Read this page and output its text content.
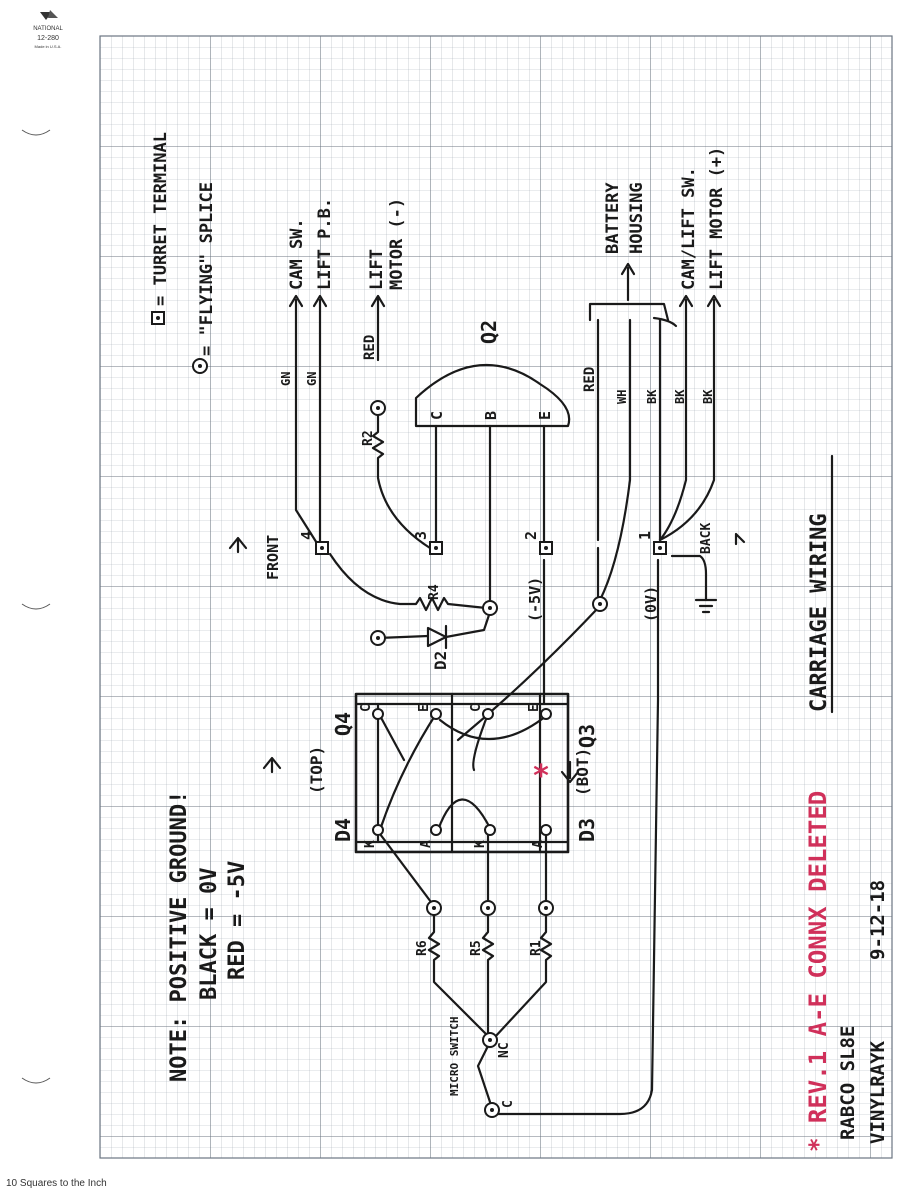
NATIONAL
12-280
Made in U.S.A.
10 Squares to the Inch
= TURRET TERMINAL = "FLYING" SPLICE
NOTE: POSITIVE GROUND! BLACK = 0V RED = -5V
CAM SW. LIFT P.B. LIFT MOTOR (-)	BATTERY HOUSING CAM/LIFT SW. LIFT MOTOR (+)
GN GN
RED
RED
WH BK BK BK
Q2
C B E
R2
R4
R6	R5	R1
D2
4	3	2	1
(-5V)	(0V)
FRONT	BACK
(TOP)	(BOT)
Q4
D4
Q3
D3
C	E	C	E
K	A	K	A
*
MICRO SWITCH	NC
C
CARRIAGE WIRING
* REV.1 A-E CONNX DELETED RABCO SL8E VINYLRAYK
9-12-18
